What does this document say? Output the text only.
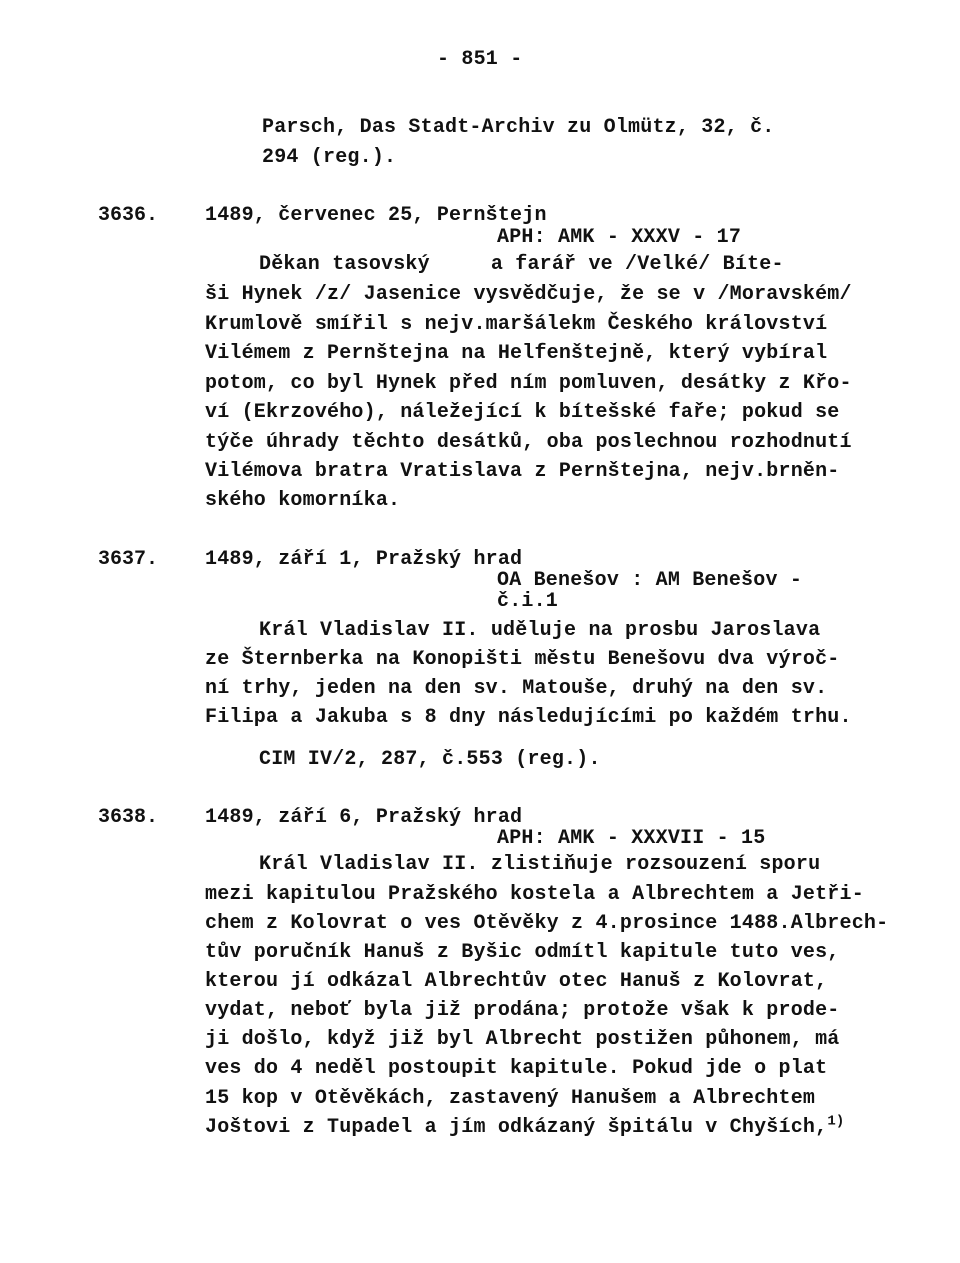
- 851 -
Parsch, Das Stadt-Archiv zu Olmütz, 32, č.
294 (reg.).
3636. 1489, červenec 25, Pernštejn
APH: AMK - XXXV - 17
Děkan tasovský     a farář ve /Velké/ Bíte-
ši Hynek /z/ Jasenice vysvědčuje, že se v /Moravském/
Krumlově smířil s nejv.maršálekm Českého království
Vilémem z Pernštejna na Helfenštejně, který vybíral
potom, co byl Hynek před ním pomluven, desátky z Křo-
ví (Ekrzového), náležející k bítešské faře; pokud se
týče úhrady těchto desátků, oba poslechnou rozhodnutí
Vilémova bratra Vratislava z Pernštejna, nejv.brněn-
ského komorníka.
3637. 1489, září 1, Pražský hrad
OA Benešov : AM Benešov -
č.i.1
Král Vladislav II. uděluje na prosbu Jaroslava
ze Šternberka na Konopišti městu Benešovu dva výroč-
ní trhy, jeden na den sv. Matouše, druhý na den sv.
Filipa a Jakuba s 8 dny následujícími po každém trhu.
CIM IV/2, 287, č.553 (reg.).
3638. 1489, září 6, Pražský hrad
APH: AMK - XXXVII - 15
Král Vladislav II. zlistiňuje rozsouzení sporu
mezi kapitulou Pražského kostela a Albrechtem a Jetři-
chem z Kolovrat o ves Otěvěky z 4.prosince 1488.Albrech-
tův poručník Hanuš z Byšic odmítl kapitule tuto ves,
kterou jí odkázal Albrechtův otec Hanuš z Kolovrat,
vydat, neboť byla již prodána; protože však k prode-
ji došlo, když již byl Albrecht postižen půhonem, má
ves do 4 neděl postoupit kapitule. Pokud jde o plat
15 kop v Otěvěkách, zastavený Hanušem a Albrechtem
Joštovi z Tupadel a jím odkázaný špitálu v Chyších,$^{1)}$
